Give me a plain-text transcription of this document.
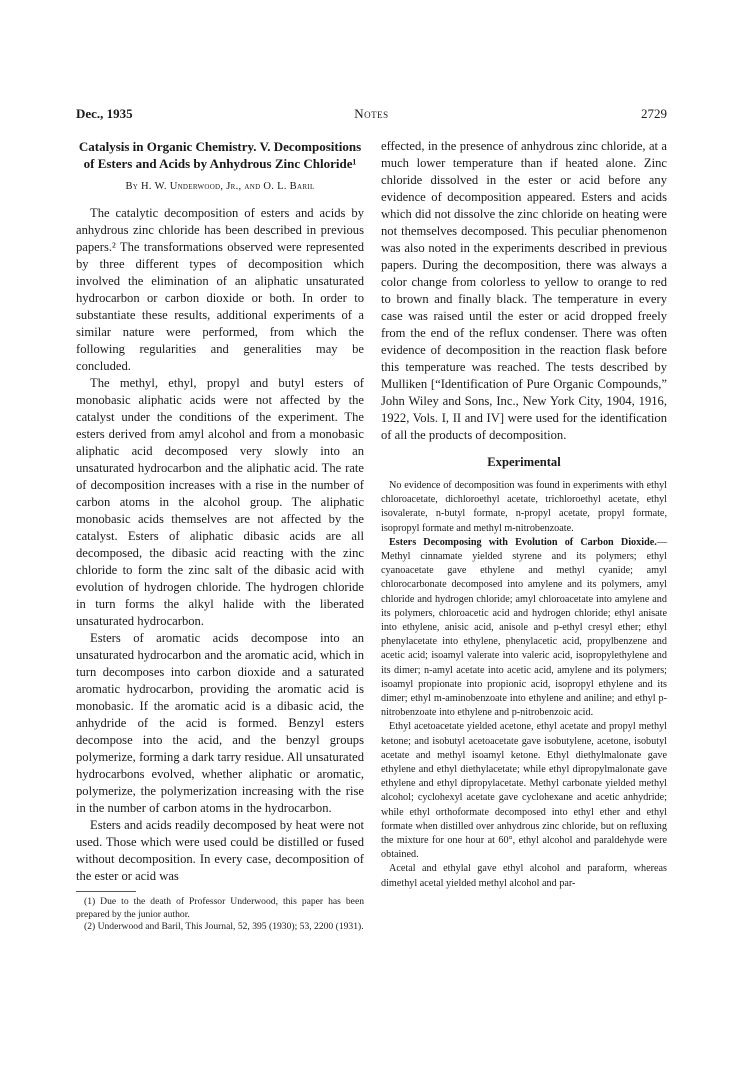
Dec., 1935	Notes	2729
Catalysis in Organic Chemistry. V. Decompositions of Esters and Acids by Anhydrous Zinc Chloride¹
By H. W. Underwood, Jr., and O. L. Baril

The catalytic decomposition of esters and acids by anhydrous zinc chloride has been described in previous papers.² The transformations observed were represented by three different types of decomposition which involved the elimination of an aliphatic unsaturated hydrocarbon or carbon dioxide or both. In order to substantiate these results, additional experiments of a similar nature were performed, from which the following regularities and generalities may be concluded.

The methyl, ethyl, propyl and butyl esters of monobasic aliphatic acids were not affected by the catalyst under the conditions of the experiment. The esters derived from amyl alcohol and from a monobasic aliphatic acid decomposed very slowly into an unsaturated hydrocarbon and the aliphatic acid. The rate of decomposition increases with a rise in the number of carbon atoms in the alcohol group. The aliphatic monobasic acids themselves are not affected by the catalyst. Esters of aliphatic dibasic acids are all decomposed, the dibasic acid reacting with the zinc chloride to form the zinc salt of the dibasic acid with evolution of hydrogen chloride. The hydrogen chloride in turn forms the alkyl halide with the liberated unsaturated hydrocarbon.

Esters of aromatic acids decompose into an unsaturated hydrocarbon and the aromatic acid, which in turn decomposes into carbon dioxide and a saturated aromatic hydrocarbon, providing the aromatic acid is monobasic. If the aromatic acid is a dibasic acid, the anhydride of the acid is formed. Benzyl esters decompose into the acid, and the benzyl groups polymerize, forming a dark tarry residue. All unsaturated hydrocarbons evolved, whether aliphatic or aromatic, polymerize, the polymerization increasing with the rise in the number of carbon atoms in the hydrocarbon.

Esters and acids readily decomposed by heat were not used. Those which were used could be distilled or fused without decomposition. In every case, decomposition of the ester or acid was

(1) Due to the death of Professor Underwood, this paper has been prepared by the junior author.

(2) Underwood and Baril, This Journal, 52, 395 (1930); 53, 2200 (1931).

effected, in the presence of anhydrous zinc chloride, at a much lower temperature than if heated alone. Zinc chloride dissolved in the ester or acid before any evidence of decomposition appeared. Esters and acids which did not dissolve the zinc chloride on heating were not themselves decomposed. This peculiar phenomenon was also noted in the experiments described in previous papers. During the decomposition, there was always a color change from colorless to yellow to orange to red to brown and finally black. The temperature in every case was raised until the ester or acid dropped freely from the end of the reflux condenser. There was often evidence of decomposition in the reaction flask before this temperature was reached. The tests described by Mulliken [“Identification of Pure Organic Compounds,” John Wiley and Sons, Inc., New York City, 1904, 1916, 1922, Vols. I, II and IV] were used for the identification of all the products of decomposition.

Experimental

No evidence of decomposition was found in experiments with ethyl chloroacetate, dichloroethyl acetate, trichloroethyl acetate, ethyl isovalerate, n-butyl formate, n-propyl acetate, propyl formate, isopropyl formate and methyl m-nitrobenzoate.

Esters Decomposing with Evolution of Carbon Dioxide.—Methyl cinnamate yielded styrene and its polymers; ethyl cyanoacetate gave ethylene and methyl cyanide; amyl chlorocarbonate decomposed into amylene and its polymers, amyl chloride and hydrogen chloride; amyl chloroacetate into amylene and its polymers, chloroacetic acid and hydrogen chloride; ethyl anisate into ethylene, anisic acid, anisole and p-ethyl cresyl ether; ethyl phenylacetate into ethylene, phenylacetic acid, propylbenzene and acetic acid; isoamyl valerate into valeric acid, isopropylethylene and its dimer; n-amyl acetate into acetic acid, amylene and its polymers; isoamyl propionate into propionic acid, isopropyl ethylene and its dimer; ethyl m-aminobenzoate into ethylene and aniline; and ethyl p-nitrobenzoate into ethylene and p-nitrobenzoic acid.

Ethyl acetoacetate yielded acetone, ethyl acetate and propyl methyl ketone; and isobutyl acetoacetate gave isobutylene, acetone, isobutyl acetate and methyl isoamyl ketone. Ethyl diethylmalonate gave ethylene and ethyl diethylacetate; while ethyl dipropylmalonate gave ethylene and ethyl dipropylacetate. Methyl carbonate yielded methyl alcohol; cyclohexyl acetate gave cyclohexane and acetic anhydride; while ethyl orthoformate decomposed into ethyl ether and ethyl formate when distilled over anhydrous zinc chloride, but on refluxing the mixture for one hour at 60°, ethyl alcohol and paraldehyde were obtained.

Acetal and ethylal gave ethyl alcohol and paraform, whereas dimethyl acetal yielded methyl alcohol and par-
